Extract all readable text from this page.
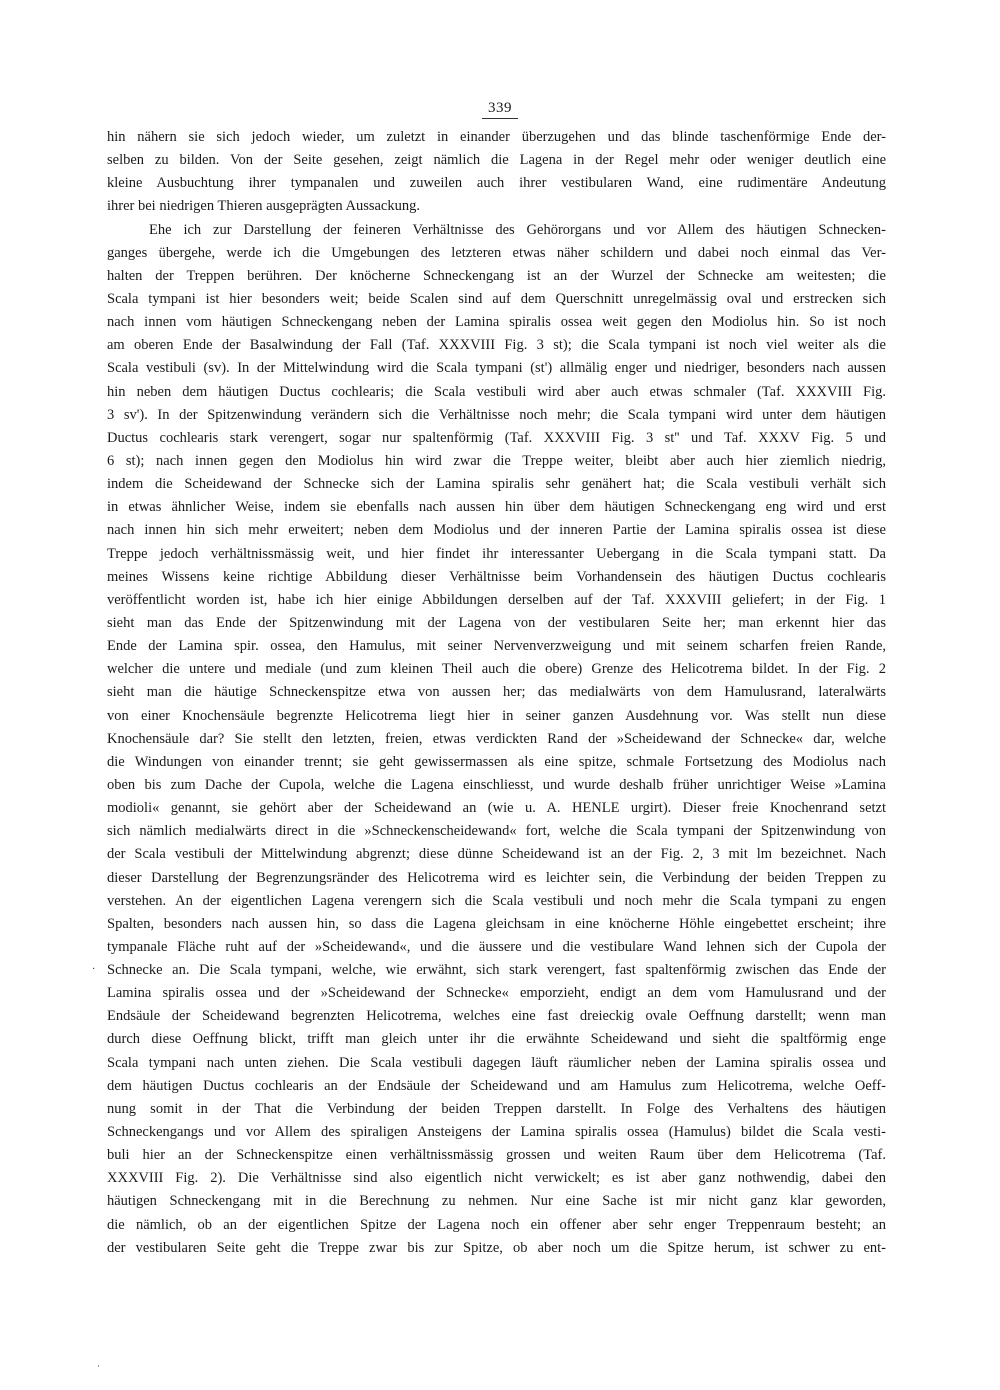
339
hin nähern sie sich jedoch wieder, um zuletzt in einander überzugehen und das blinde taschenförmige Ende der-
selben zu bilden. Von der Seite gesehen, zeigt nämlich die Lagena in der Regel mehr oder weniger deutlich eine
kleine Ausbuchtung ihrer tympanalen und zuweilen auch ihrer vestibularen Wand, eine rudimentäre Andeutung
ihrer bei niedrigen Thieren ausgeprägten Aussackung.
Ehe ich zur Darstellung der feineren Verhältnisse des Gehörorgans und vor Allem des häutigen Schnecken-
ganges übergehe, werde ich die Umgebungen des letzteren etwas näher schildern und dabei noch einmal das Ver-
halten der Treppen berühren. Der knöcherne Schneckengang ist an der Wurzel der Schnecke am weitesten; die
Scala tympani ist hier besonders weit; beide Scalen sind auf dem Querschnitt unregelmässig oval und erstrecken sich
nach innen vom häutigen Schneckengang neben der Lamina spiralis ossea weit gegen den Modiolus hin. So ist noch
am oberen Ende der Basalwindung der Fall (Taf. XXXVIII Fig. 3 st); die Scala tympani ist noch viel weiter als die
Scala vestibuli (sv). In der Mittelwindung wird die Scala tympani (st') allmälig enger und niedriger, besonders nach aussen
hin neben dem häutigen Ductus cochlearis; die Scala vestibuli wird aber auch etwas schmaler (Taf. XXXVIII Fig.
3 sv'). In der Spitzenwindung verändern sich die Verhältnisse noch mehr; die Scala tympani wird unter dem häutigen
Ductus cochlearis stark verengert, sogar nur spaltenförmig (Taf. XXXVIII Fig. 3 st'' und Taf. XXXV Fig. 5 und
6 st); nach innen gegen den Modiolus hin wird zwar die Treppe weiter, bleibt aber auch hier ziemlich niedrig,
indem die Scheidewand der Schnecke sich der Lamina spiralis sehr genähert hat; die Scala vestibuli verhält sich
in etwas ähnlicher Weise, indem sie ebenfalls nach aussen hin über dem häutigen Schneckengang eng wird und erst
nach innen hin sich mehr erweitert; neben dem Modiolus und der inneren Partie der Lamina spiralis ossea ist diese
Treppe jedoch verhältnissmässig weit, und hier findet ihr interessanter Uebergang in die Scala tympani statt. Da
meines Wissens keine richtige Abbildung dieser Verhältnisse beim Vorhandensein des häutigen Ductus cochlearis
veröffentlicht worden ist, habe ich hier einige Abbildungen derselben auf der Taf. XXXVIII geliefert; in der Fig. 1
sieht man das Ende der Spitzenwindung mit der Lagena von der vestibularen Seite her; man erkennt hier das
Ende der Lamina spir. ossea, den Hamulus, mit seiner Nervenverzweigung und mit seinem scharfen freien Rande,
welcher die untere und mediale (und zum kleinen Theil auch die obere) Grenze des Helicotrema bildet. In der Fig. 2
sieht man die häutige Schneckenspitze etwa von aussen her; das medialwärts von dem Hamulusrand, lateralwärts
von einer Knochensäule begrenzte Helicotrema liegt hier in seiner ganzen Ausdehnung vor. Was stellt nun diese
Knochensäule dar? Sie stellt den letzten, freien, etwas verdickten Rand der »Scheidewand der Schnecke« dar, welche
die Windungen von einander trennt; sie geht gewissermassen als eine spitze, schmale Fortsetzung des Modiolus nach
oben bis zum Dache der Cupola, welche die Lagena einschliesst, und wurde deshalb früher unrichtiger Weise »Lamina
modioli« genannt, sie gehört aber der Scheidewand an (wie u. A. HENLE urgirt). Dieser freie Knochenrand setzt
sich nämlich medialwärts direct in die »Schneckenscheidewand« fort, welche die Scala tympani der Spitzenwindung von
der Scala vestibuli der Mittelwindung abgrenzt; diese dünne Scheidewand ist an der Fig. 2, 3 mit lm bezeichnet. Nach
dieser Darstellung der Begrenzungsränder des Helicotrema wird es leichter sein, die Verbindung der beiden Treppen zu
verstehen. An der eigentlichen Lagena verengern sich die Scala vestibuli und noch mehr die Scala tympani zu engen
Spalten, besonders nach aussen hin, so dass die Lagena gleichsam in eine knöcherne Höhle eingebettet erscheint; ihre
tympanale Fläche ruht auf der »Scheidewand«, und die äussere und die vestibulare Wand lehnen sich der Cupola der
Schnecke an. Die Scala tympani, welche, wie erwähnt, sich stark verengert, fast spaltenförmig zwischen das Ende der
Lamina spiralis ossea und der »Scheidewand der Schnecke« emporzieht, endigt an dem vom Hamulusrand und der
Endsäule der Scheidewand begrenzten Helicotrema, welches eine fast dreieckig ovale Oeffnung darstellt; wenn man
durch diese Oeffnung blickt, trifft man gleich unter ihr die erwähnte Scheidewand und sieht die spaltförmig enge
Scala tympani nach unten ziehen. Die Scala vestibuli dagegen läuft räumlicher neben der Lamina spiralis ossea und
dem häutigen Ductus cochlearis an der Endsäule der Scheidewand und am Hamulus zum Helicotrema, welche Oeff-
nung somit in der That die Verbindung der beiden Treppen darstellt. In Folge des Verhaltens des häutigen
Schneckengangs und vor Allem des spiraligen Ansteigens der Lamina spiralis ossea (Hamulus) bildet die Scala vesti-
buli hier an der Schneckenspitze einen verhältnissmässig grossen und weiten Raum über dem Helicotrema (Taf.
XXXVIII Fig. 2). Die Verhältnisse sind also eigentlich nicht verwickelt; es ist aber ganz nothwendig, dabei den
häutigen Schneckengang mit in die Berechnung zu nehmen. Nur eine Sache ist mir nicht ganz klar geworden,
die nämlich, ob an der eigentlichen Spitze der Lagena noch ein offener aber sehr enger Treppenraum besteht; an
der vestibularen Seite geht die Treppe zwar bis zur Spitze, ob aber noch um die Spitze herum, ist schwer zu ent-
·
·
